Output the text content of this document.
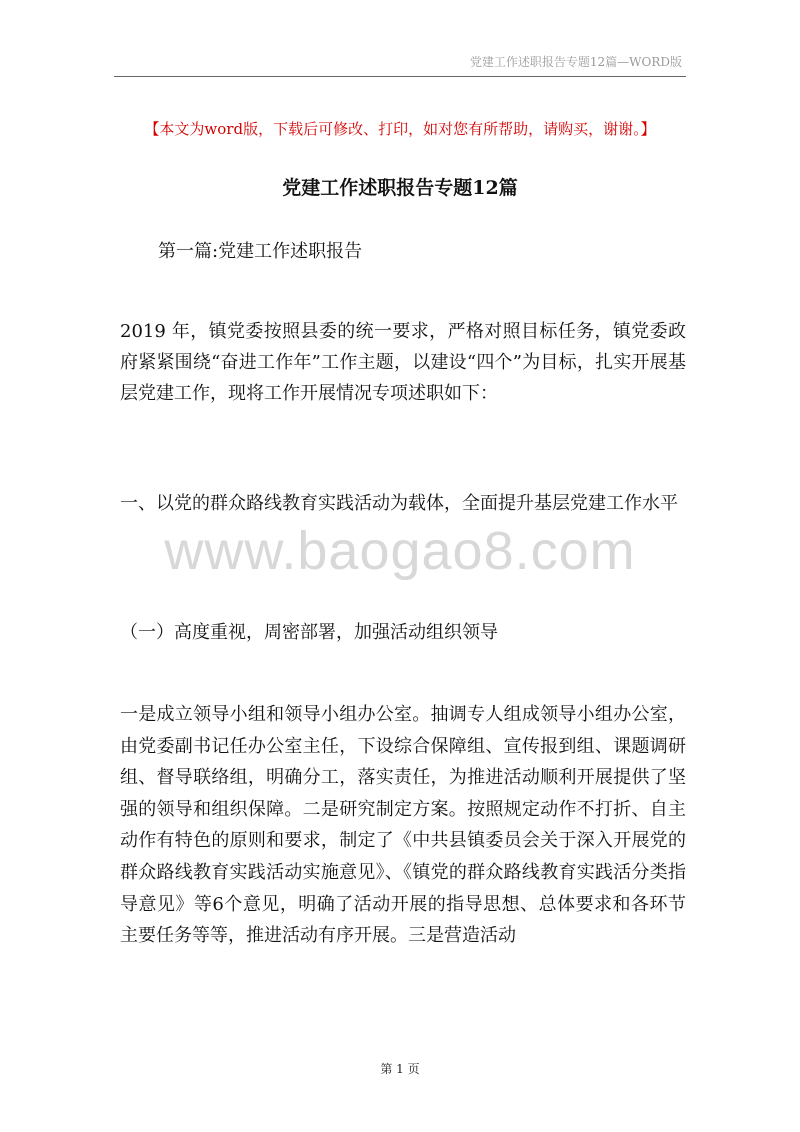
党建工作述职报告专题12篇—WORD版
【本文为word版，下载后可修改、打印，如对您有所帮助，请购买，谢谢。】
党建工作述职报告专题12篇
第一篇:党建工作述职报告
2019 年，镇党委按照县委的统一要求，严格对照目标任务，镇党委政府紧紧围绕“奋进工作年”工作主题，以建设“四个”为目标，扎实开展基层党建工作，现将工作开展情况专项述职如下：
一、以党的群众路线教育实践活动为载体，全面提升基层党建工作水平
（一）高度重视，周密部署，加强活动组织领导
一是成立领导小组和领导小组办公室。抽调专人组成领导小组办公室，由党委副书记任办公室主任，下设综合保障组、宣传报到组、课题调研组、督导联络组，明确分工，落实责任，为推进活动顺利开展提供了坚强的领导和组织保障。二是研究制定方案。按照规定动作不打折、自主动作有特色的原则和要求，制定了《中共县镇委员会关于深入开展党的群众路线教育实践活动实施意见》、《镇党的群众路线教育实践活分类指导意见》等6个意见，明确了活动开展的指导思想、总体要求和各环节主要任务等等，推进活动有序开展。三是营造活动
www.baogao8.com
第 1 页
